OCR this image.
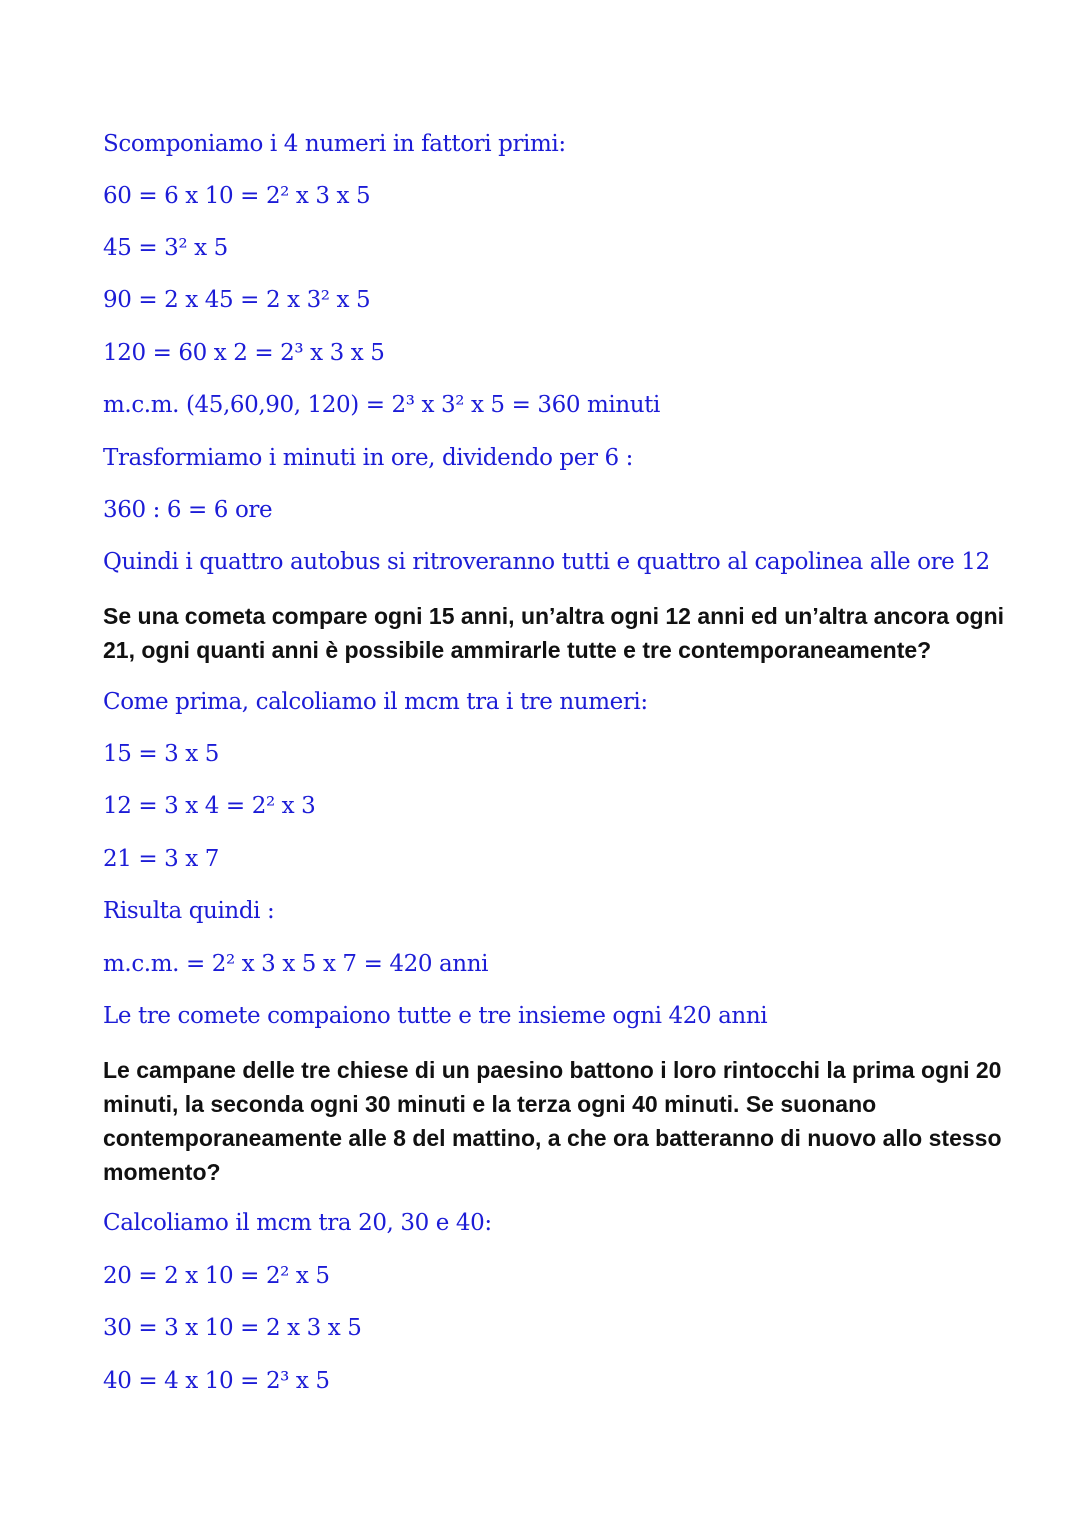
Scomponiamo i 4 numeri in fattori primi:

60 = 6 x 10 = 2² x 3 x 5

45 = 3² x 5

90 = 2 x 45 = 2 x 3² x 5

120 = 60 x 2 = 2³ x 3 x 5

m.c.m. (45,60,90, 120) = 2³ x 3² x 5 = 360 minuti

Trasformiamo i minuti in ore, dividendo per 6 :

360 : 6 = 6 ore

Quindi i quattro autobus si ritroveranno tutti e quattro al capolinea alle ore 12

Se una cometa compare ogni 15 anni, un’altra ogni 12 anni ed un’altra ancora ogni
21, ogni quanti anni è possibile ammirarle tutte e tre contemporaneamente?

Come prima, calcoliamo il mcm tra i tre numeri:

15 = 3 x 5

12 = 3 x 4 = 2² x 3

21 = 3 x 7

Risulta quindi :

m.c.m. = 2² x 3 x 5 x 7 = 420 anni

Le tre comete compaiono tutte e tre insieme ogni 420 anni

Le campane delle tre chiese di un paesino battono i loro rintocchi la prima ogni 20
minuti, la seconda ogni 30 minuti e la terza ogni 40 minuti. Se suonano
contemporaneamente alle 8 del mattino, a che ora batteranno di nuovo allo stesso
momento?

Calcoliamo il mcm tra 20, 30 e 40:

20 = 2 x 10 = 2² x 5

30 = 3 x 10 = 2 x 3 x 5

40 = 4 x 10 = 2³ x 5
